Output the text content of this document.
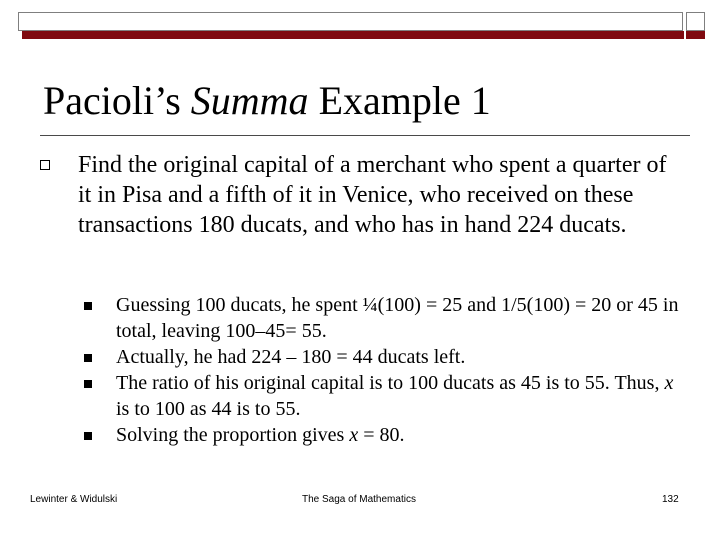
Pacioli’s Summa Example 1
Find the original capital of a merchant who spent a quarter of it in Pisa and a fifth of it in Venice, who received on these transactions 180 ducats, and who has in hand 224 ducats.
Guessing 100 ducats, he spent ¼(100) = 25 and 1/5(100) = 20 or 45 in total, leaving 100–45= 55.
Actually, he had 224 – 180 = 44 ducats left.
The ratio of his original capital is to 100 ducats as 45 is to 55. Thus, x is to 100 as 44 is to 55.
Solving the proportion gives x = 80.
Lewinter & Widulski	The Saga of Mathematics	132
